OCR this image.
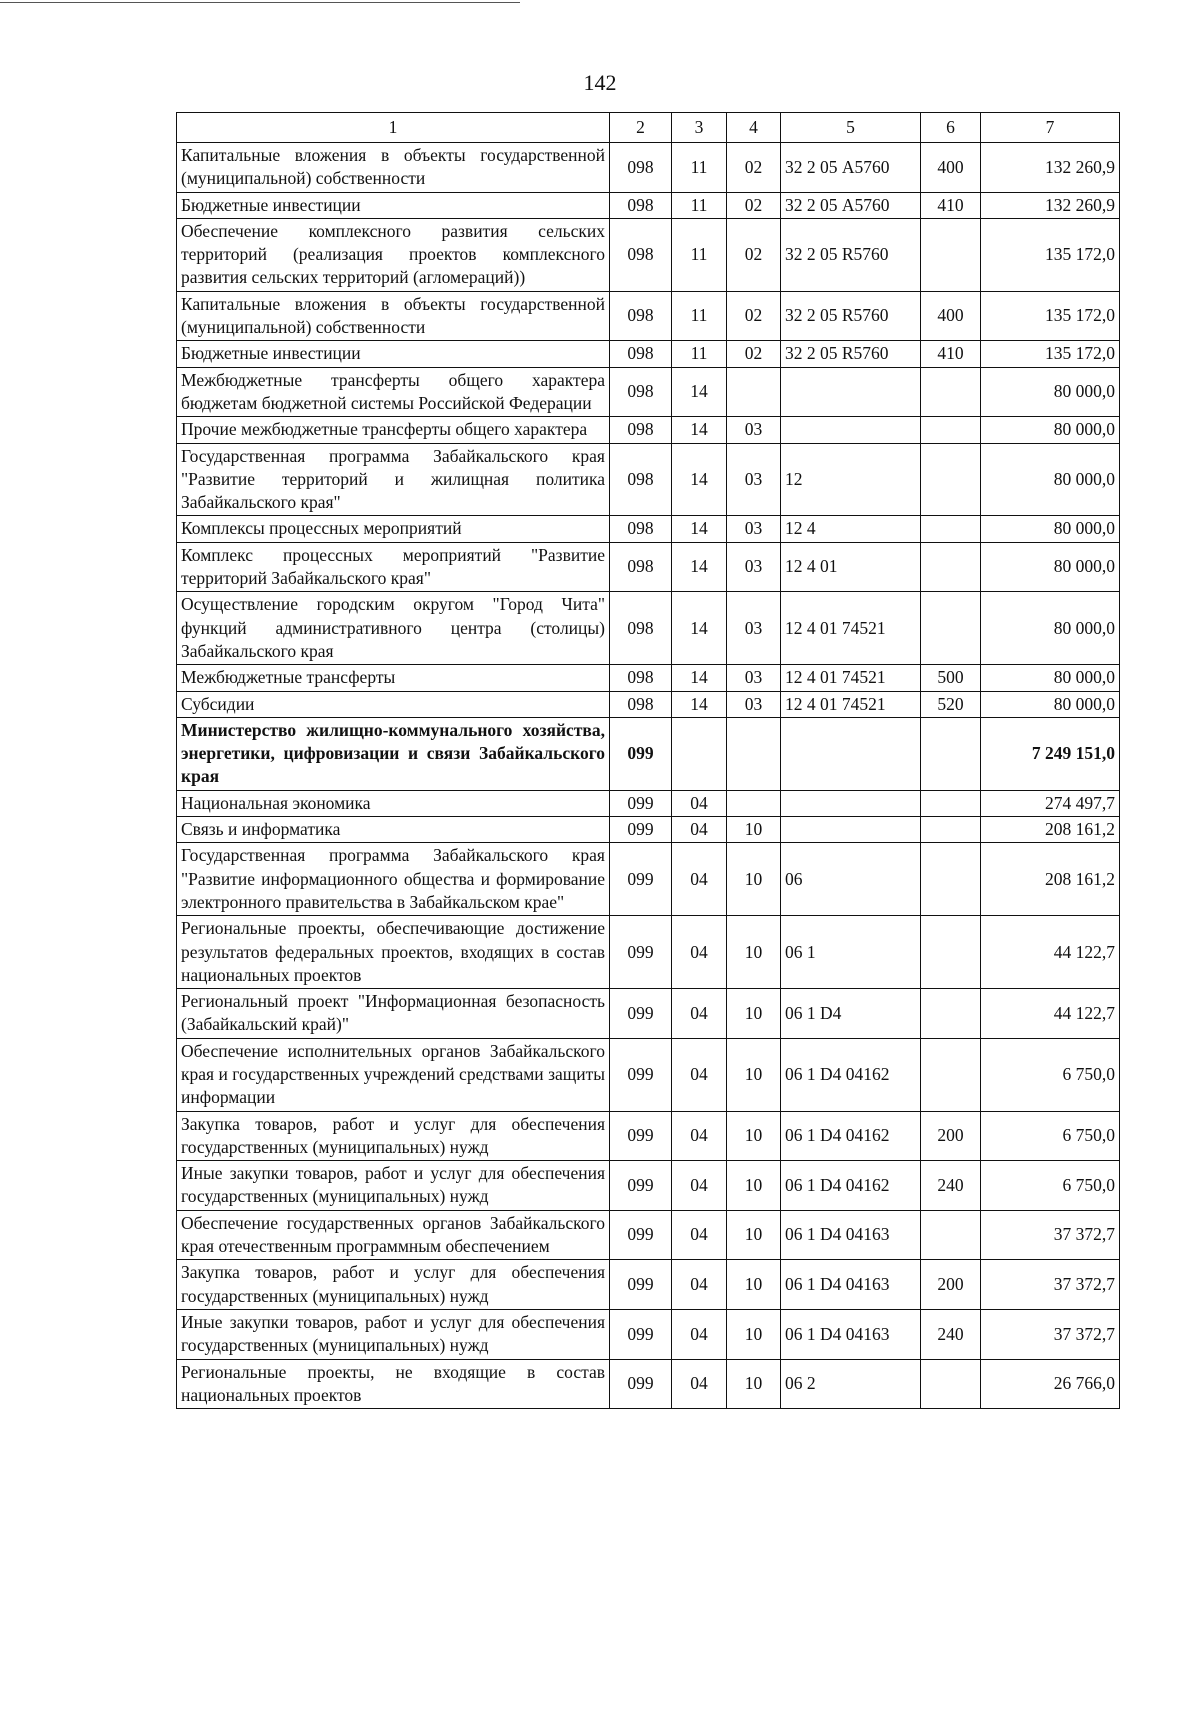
142
1	2	3	4	5	6	7
Капитальные вложения в объекты государственной (муниципальной) собственности	098	11	02	32 2 05 А5760	400	132 260,9
Бюджетные инвестиции	098	11	02	32 2 05 А5760	410	132 260,9
Обеспечение комплексного развития сельских территорий (реализация проектов комплексного развития сельских территорий (агломераций))	098	11	02	32 2 05 R5760		135 172,0
Капитальные вложения в объекты государственной (муниципальной) собственности	098	11	02	32 2 05 R5760	400	135 172,0
Бюджетные инвестиции	098	11	02	32 2 05 R5760	410	135 172,0
Межбюджетные трансферты общего характера бюджетам бюджетной системы Российской Федерации	098	14				80 000,0
Прочие межбюджетные трансферты общего характера	098	14	03			80 000,0
Государственная программа Забайкальского края "Развитие территорий и жилищная политика Забайкальского края"	098	14	03	12		80 000,0
Комплексы процессных мероприятий	098	14	03	12 4		80 000,0
Комплекс процессных мероприятий "Развитие территорий Забайкальского края"	098	14	03	12 4 01		80 000,0
Осуществление городским округом "Город Чита" функций административного центра (столицы) Забайкальского края	098	14	03	12 4 01 74521		80 000,0
Межбюджетные трансферты	098	14	03	12 4 01 74521	500	80 000,0
Субсидии	098	14	03	12 4 01 74521	520	80 000,0
Министерство жилищно-коммунального хозяйства, энергетики, цифровизации и связи Забайкальского края	099					7 249 151,0
Национальная экономика	099	04				274 497,7
Связь и информатика	099	04	10			208 161,2
Государственная программа Забайкальского края "Развитие информационного общества и формирование электронного правительства в Забайкальском крае"	099	04	10	06		208 161,2
Региональные проекты, обеспечивающие достижение результатов федеральных проектов, входящих в состав национальных проектов	099	04	10	06 1		44 122,7
Региональный проект "Информационная безопасность (Забайкальский край)"	099	04	10	06 1 D4		44 122,7
Обеспечение исполнительных органов Забайкальского края и государственных учреждений средствами защиты информации	099	04	10	06 1 D4 04162		6 750,0
Закупка товаров, работ и услуг для обеспечения государственных (муниципальных) нужд	099	04	10	06 1 D4 04162	200	6 750,0
Иные закупки товаров, работ и услуг для обеспечения государственных (муниципальных) нужд	099	04	10	06 1 D4 04162	240	6 750,0
Обеспечение государственных органов Забайкальского края отечественным программным обеспечением	099	04	10	06 1 D4 04163		37 372,7
Закупка товаров, работ и услуг для обеспечения государственных (муниципальных) нужд	099	04	10	06 1 D4 04163	200	37 372,7
Иные закупки товаров, работ и услуг для обеспечения государственных (муниципальных) нужд	099	04	10	06 1 D4 04163	240	37 372,7
Региональные проекты, не входящие в состав национальных проектов	099	04	10	06 2		26 766,0
